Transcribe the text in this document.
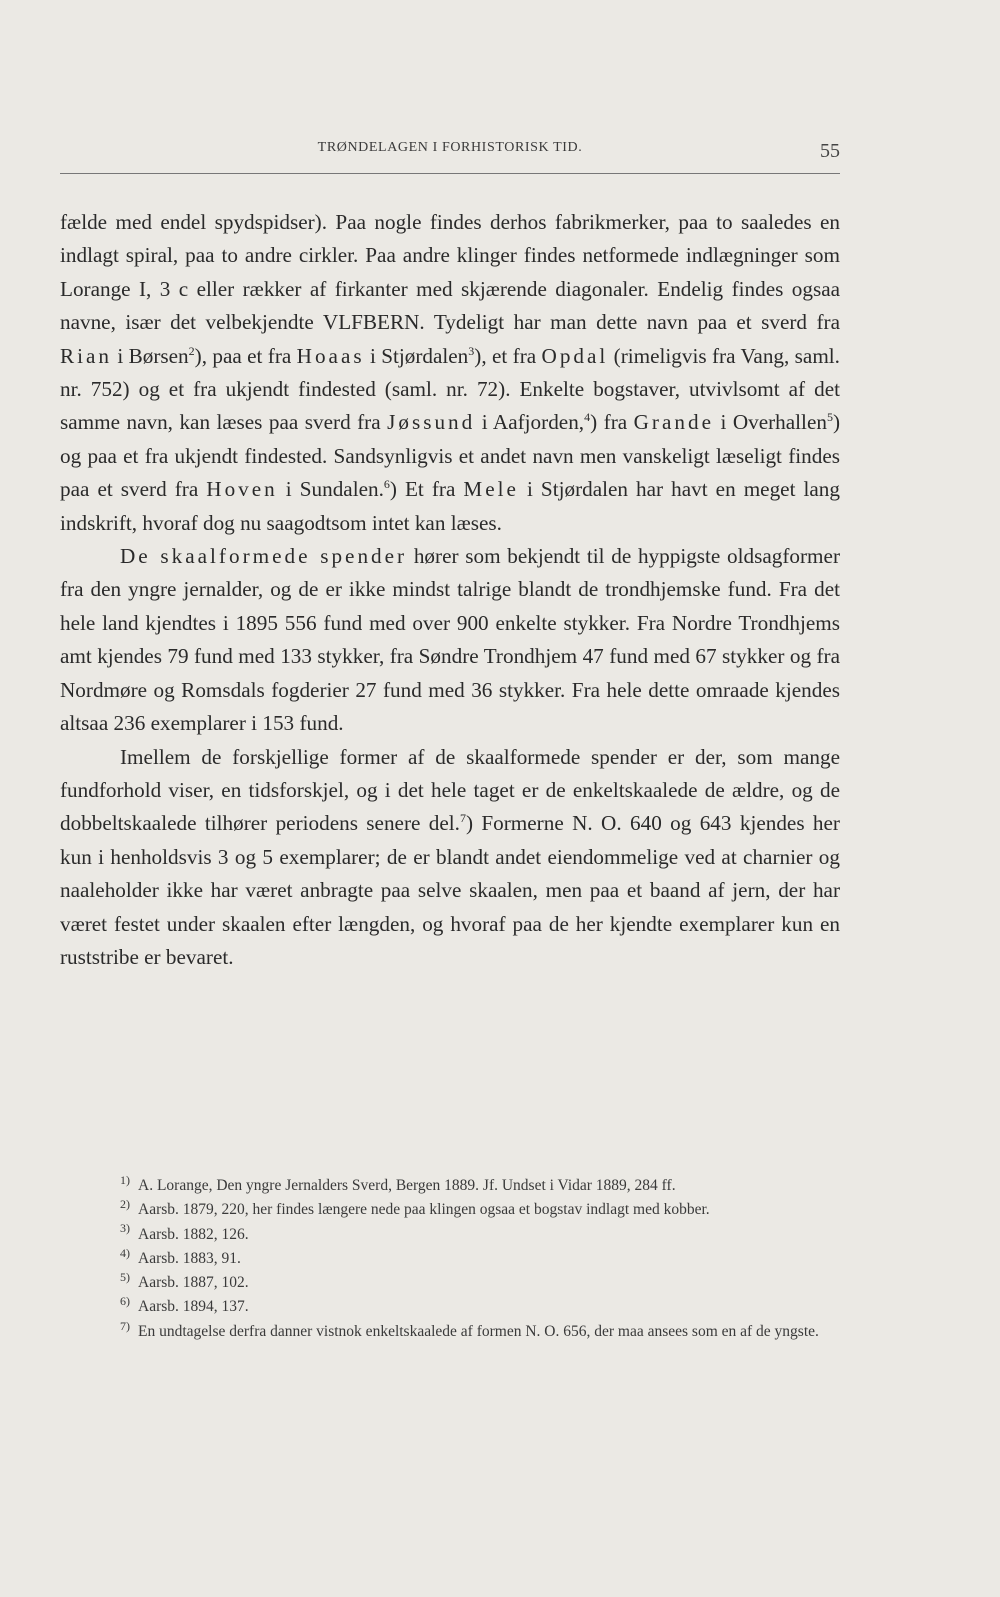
TRØNDELAGEN I FORHISTORISK TID.	55

fælde med endel spydspidser). Paa nogle findes derhos fabrikmerker, paa to saaledes en indlagt spiral, paa to andre cirkler. Paa andre klinger findes netformede indlægninger som Lorange I, 3 c eller rækker af firkanter med skjærende diagonaler. Endelig findes ogsaa navne, især det velbekjendte VLFBERN. Tydeligt har man dette navn paa et sverd fra Rian i Børsen$^2$), paa et fra Hoaas i Stjørdalen$^3$), et fra Opdal (rimeligvis fra Vang, saml. nr. 752) og et fra ukjendt findested (saml. nr. 72). Enkelte bogstaver, utvivlsomt af det samme navn, kan læses paa sverd fra Jøssund i Aafjorden,$^4$) fra Grande i Overhallen$^5$) og paa et fra ukjendt findested. Sandsynligvis et andet navn men vanskeligt læseligt findes paa et sverd fra Hoven i Sundalen.$^6$) Et fra Mele i Stjørdalen har havt en meget lang indskrift, hvoraf dog nu saagodtsom intet kan læses.

De skaalformede spender hører som bekjendt til de hyppigste oldsagformer fra den yngre jernalder, og de er ikke mindst talrige blandt de trondhjemske fund. Fra det hele land kjendtes i 1895 556 fund med over 900 enkelte stykker. Fra Nordre Trondhjems amt kjendes 79 fund med 133 stykker, fra Søndre Trondhjem 47 fund med 67 stykker og fra Nordmøre og Romsdals fogderier 27 fund med 36 stykker. Fra hele dette omraade kjendes altsaa 236 exemplarer i 153 fund.

Imellem de forskjellige former af de skaalformede spender er der, som mange fundforhold viser, en tidsforskjel, og i det hele taget er de enkeltskaalede de ældre, og de dobbeltskaalede tilhører periodens senere del.$^7$) Formerne N. O. 640 og 643 kjendes her kun i henholdsvis 3 og 5 exemplarer; de er blandt andet eiendommelige ved at charnier og naaleholder ikke har været anbragte paa selve skaalen, men paa et baand af jern, der har været festet under skaalen efter længden, og hvoraf paa de her kjendte exemplarer kun en ruststribe er bevaret.

$^{1)}$ A. Lorange, Den yngre Jernalders Sverd, Bergen 1889. Jf. Undset i Vidar 1889, 284 ff.

$^{2)}$ Aarsb. 1879, 220, her findes længere nede paa klingen ogsaa et bogstav indlagt med kobber.

$^{3)}$ Aarsb. 1882, 126.

$^{4)}$ Aarsb. 1883, 91.

$^{5)}$ Aarsb. 1887, 102.

$^{6)}$ Aarsb. 1894, 137.

$^{7)}$ En undtagelse derfra danner vistnok enkeltskaalede af formen N. O. 656, der maa ansees som en af de yngste.
